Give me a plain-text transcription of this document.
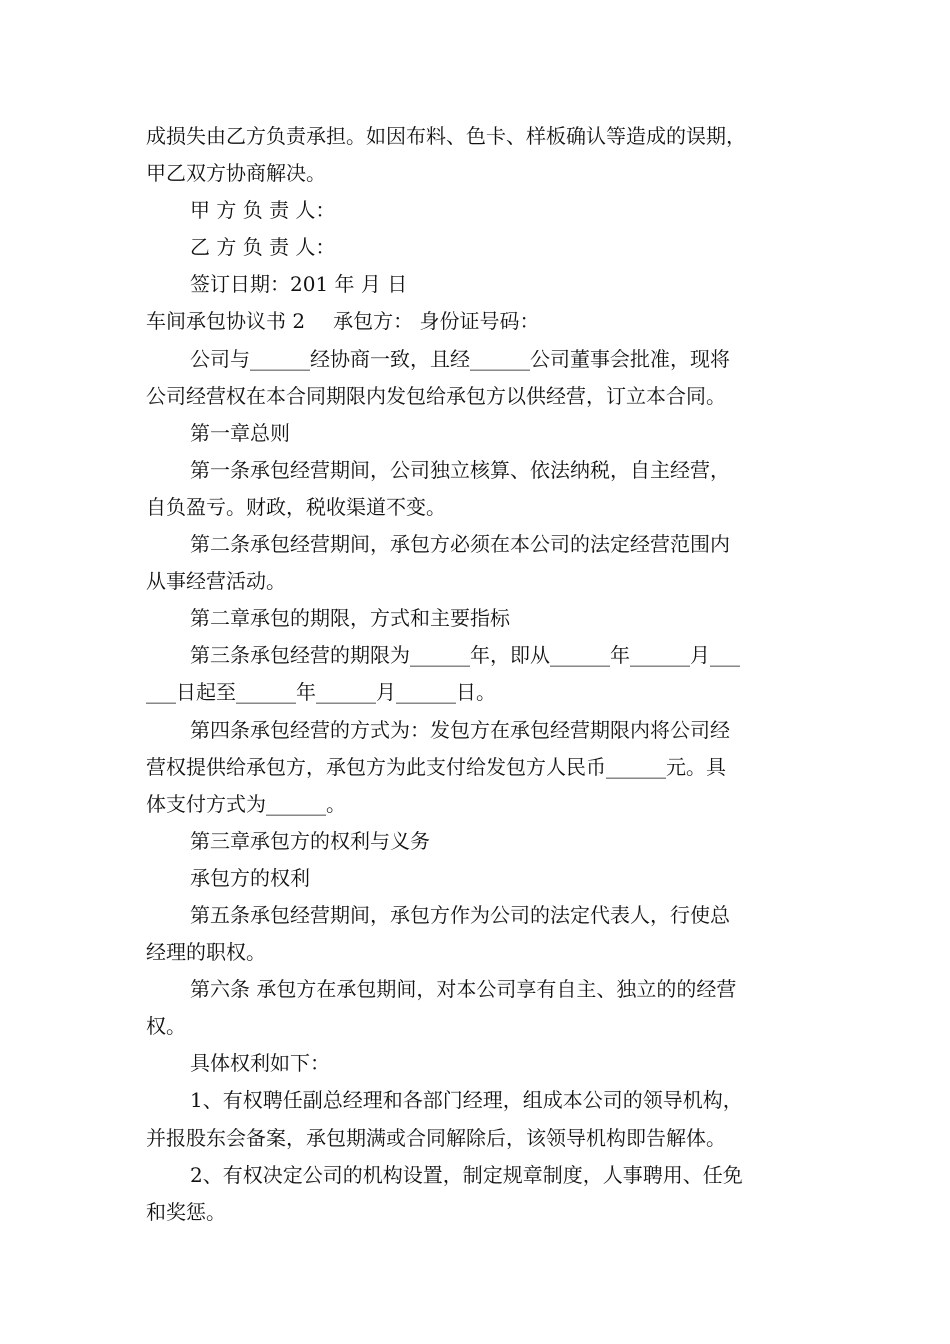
成损失由乙方负责承担。如因布料、色卡、样板确认等造成的误期，
甲乙双方协商解决。
甲 方 负 责 人：
乙 方 负 责 人：
签订日期：201 年 月 日
车间承包协议书 2 承包方： 身份证号码：
公司与______经协商一致，且经______公司董事会批准，现将
公司经营权在本合同期限内发包给承包方以供经营，订立本合同。
第一章总则
第一条承包经营期间，公司独立核算、依法纳税，自主经营，
自负盈亏。财政，税收渠道不变。
第二条承包经营期间，承包方必须在本公司的法定经营范围内
从事经营活动。
第二章承包的期限，方式和主要指标
第三条承包经营的期限为______年，即从______年______月___
___日起至______年______月______日。
第四条承包经营的方式为：发包方在承包经营期限内将公司经
营权提供给承包方，承包方为此支付给发包方人民币______元。具
体支付方式为______。
第三章承包方的权利与义务
承包方的权利
第五条承包经营期间，承包方作为公司的法定代表人，行使总
经理的职权。
第六条 承包方在承包期间，对本公司享有自主、独立的的经营
权。
具体权利如下：
1、有权聘任副总经理和各部门经理，组成本公司的领导机构，
并报股东会备案，承包期满或合同解除后，该领导机构即告解体。
2、有权决定公司的机构设置，制定规章制度，人事聘用、任免
和奖惩。
